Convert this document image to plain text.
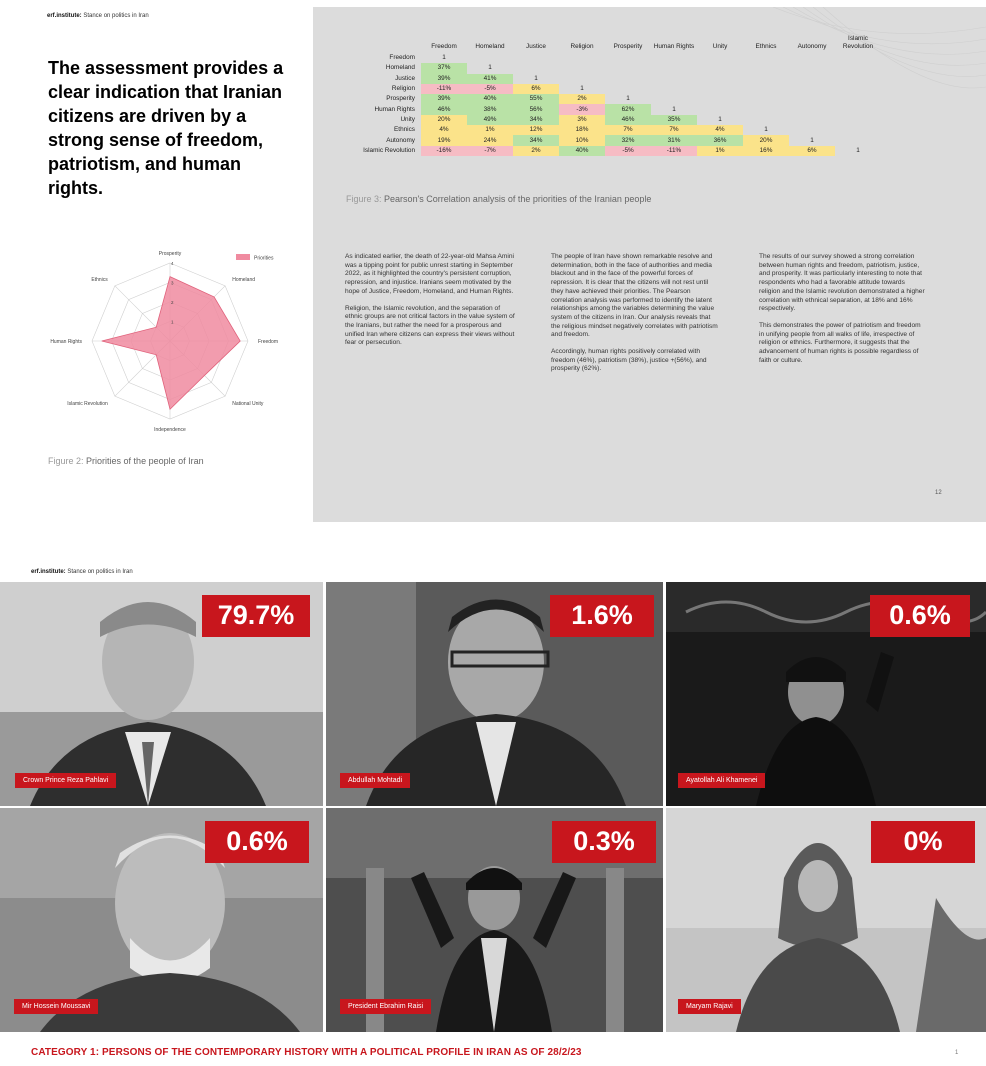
erf.institute: Stance on politics in Iran
The assessment provides a clear indication that Iranian citizens are driven by a strong sense of freedom, patriotism, and human rights.
Prosperity
Homeland
Freedom
National Unity
Independence
Islamic Revolution
Human Rights
Ethnics
1
2
3
4
Priorities
Figure 2: Priorities of the people of Iran
	Freedom	Homeland	Justice	Religion	Prosperity	Human Rights	Unity	Ethnics	Autonomy	Islamic Revolution
Freedom	1									
Homeland	37%	1								
Justice	39%	41%	1							
Religion	-11%	-5%	6%	1						
Prosperity	39%	40%	55%	2%	1					
Human Rights	46%	38%	56%	-3%	62%	1				
Unity	20%	49%	34%	3%	46%	35%	1			
Ethnics	4%	1%	12%	18%	7%	7%	4%	1		
Autonomy	19%	24%	34%	10%	32%	31%	36%	20%	1	
Islamic Revolution	-16%	-7%	2%	40%	-5%	-11%	1%	16%	6%	1
Figure 3: Pearson's Correlation analysis of the priorities of the Iranian people

As indicated earlier, the death of 22-year-old Mahsa Amini was a tipping point for public unrest starting in September 2022, as it highlighted the country's persistent corruption, repression, and injustice. Iranians seem motivated by the hope of Justice, Freedom, Homeland, and Human Rights.

Religion, the Islamic revolution, and the separation of ethnic groups are not critical factors in the value system of the Iranians, but rather the need for a prosperous and unified Iran where citizens can express their views without fear or persecution.

The people of Iran have shown remarkable resolve and determination, both in the face of authorities and media blackout and in the face of the powerful forces of repression. It is clear that the citizens will not rest until they have achieved their priorities. The Pearson correlation analysis was performed to identify the latent relationships among the variables determining the value system of the citizens in Iran. Our analysis reveals that the religious mindset negatively correlates with patriotism and freedom.

Accordingly, human rights positively correlated with freedom (46%), patriotism (38%), justice +(56%), and prosperity (62%).

The results of our survey showed a strong correlation between human rights and freedom, patriotism, justice, and prosperity. It was particularly interesting to note that respondents who had a favorable attitude towards religion and the Islamic revolution demonstrated a higher correlation with ethnical separation, at 18% and 16% respectively.

This demonstrates the power of patriotism and freedom in unifying people from all walks of life, irrespective of religion or ethnics. Furthermore, it suggests that the advancement of human rights is possible regardless of faith or culture.

12
erf.institute: Stance on politics in Iran
79.7%
Crown Prince Reza Pahlavi
1.6%
Abdullah Mohtadi
0.6%
Ayatollah Ali Khamenei
0.6%
Mir Hossein Moussavi
0.3%
President Ebrahim Raisi
0%
Maryam Rajavi
CATEGORY 1: PERSONS OF THE CONTEMPORARY HISTORY WITH A POLITICAL PROFILE IN IRAN AS OF 28/2/23	1
